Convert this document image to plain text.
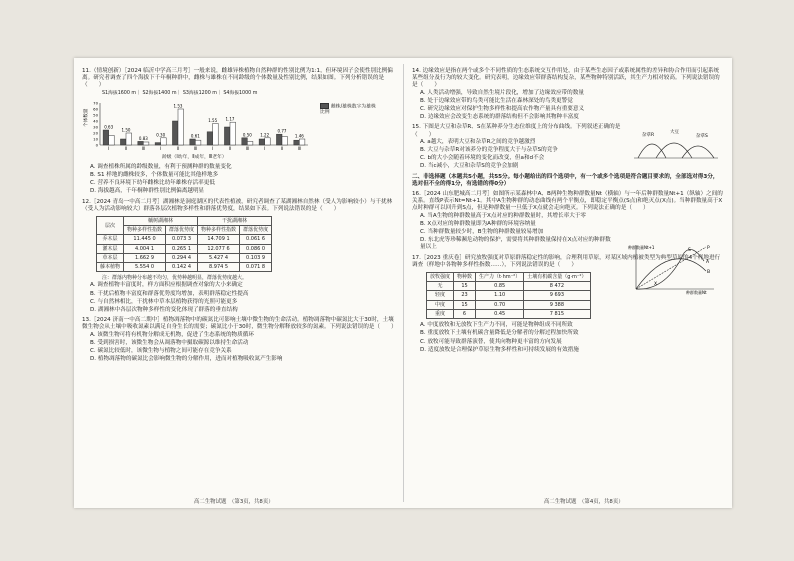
11.（情境创新）［2024 临沂中学高三月考］一般来说，雌雄异株植物自然种群的性别比例为1:1，但环境因子会使性别比例偏离。研究者调查了四个海拔下千年桐种群中，雌株与雄株在不同龄级的个体数量及性别比例，结果如图。下列分析错误的是（　　）
S1海拔1600 m｜ S2海拔1400 m｜ S3海拔1200 m｜ S4海拔1000 m
个体数量
0
10
20
30
40
50
60
70
0.63
Ⅰ
1.50
Ⅱ
0.83
Ⅲ
0.30
Ⅰ
1.53
Ⅱ
0.61
Ⅲ
1.55
Ⅰ
1.17
Ⅱ
0.50
Ⅲ
1.22
Ⅰ
0.77
Ⅱ
1.46
Ⅲ
雌株/雄株数字为雄株比例
龄级（Ⅰ幼年，Ⅱ成年，Ⅲ老年）
A. 调查植株所属的龄级数量，有利于预测种群的数量变化
B. S1 样地的雌株较多，个体数量可能比其他样地多
C. 营养不良环境下幼年雌株比幼年雄株存活率更低
D. 海拔越高，千年桐种群性别比例偏离越明显
12.［2024 青岛一中高二月考］湖湘林是洞庭湖区的代表性植被，研究者调查了某湖湘林自然林（受人为影响较小）与干扰林（受人为活动影响较大）群落各层次植物多样性和群落优势度，结果如下表。下列说法错误的是（　　）
层次	槭树湖湘林		干扰湖湘林	
	物种多样性指数	群落优势度	物种多样性指数	群落优势度
乔木层	11.445 0	0.073 3	14.709 1	0.061 6
灌木层	4.004 1	0.265 1	12.077 6	0.086 0
草本层	1.662 9	0.294 4	5.427 4	0.103 9
藤本植物	5.554 0	0.142 4	8.974 5	0.071 8
注：群落内物种分布越不均匀，优势种越明显，群落优势度越大。
A. 调查植物丰富度时，样方面积应根据调查对象的大小来确定
B. 干扰后植物丰富度和群落优势度均增加，表明群落稳定性提高
C. 与自然林相比，干扰林中草本层植物获得的光照可能更多
D. 湖湘林中各层次物种多样性的变化体现了群落的垂直结构
13.［2024 济南一中高二期中］植物凋落物中的碳氮比可影响土壤中微生物的生命活动。植物凋落物中碳氮比大于30时，土壤微生物会从土壤中吸收氮素以满足自身生长的需要；碳氮比小于30时，微生物分解释放较多的氮素。下列说法错误的是（　　）
A. 该微生物可将有机物分解成无机物，促进了生态系统的物质循环
B. 受到损害时，该微生物会从凋落物中摄取碳源以维持生命活动
C. 碳氮比较低时，该微生物与植物之间可能存在竞争关系
D. 植物凋落物的碳氮比会影响微生物的分解作用，进而对植物吸收氮产生影响
高二生物试题　（第3页，共8页）
14. 边缘效应是指在两个或多个不同性质的生态系统交互作用处，由于某些生态因子或系统属性的差异和协合作用而引起系统某些组分及行为的较大变化。研究表明，边缘效应带群落结构复杂，某些物种特别活跃，其生产力相对较高。下列说法错误的是（　　）
A. 人类活动增强，导致自然生境片段化，增加了边缘效应带的数量
B. 处于边缘效应带的鸟类可能比生活在森林深处的鸟类更警觉
C. 研究边缘效应对保护生物多样性和提高农作物产量具有重要意义
D. 边缘效应会改变生态系统的群落结构但不会影响其物种丰富度
15. 下图是大豆和杂草R、S在某种养分生态位维度上的分布曲线。下列叙述正确的是（　　）
A. a越大，表明大豆和杂草R之间的竞争越激烈
B. 大豆与杂草R对该养分的竞争程度大于与杂草S的竞争
C. b的大小会随着环境的变化而改变，但a和d不会
D. 当c减小，大豆和杂草S的竞争会加剧
杂草R
大豆
杂草S
二、非选择题（本题共5小题，共55分。每小题给出的四个选项中，有一个或多个选项是符合题目要求的，全部选对得3分，选对但不全的得1分，有选错的得0分）
16.［2024 山东肥城高二月考］如图所示某森林中A、B两种生物种群数量Nt（横轴）与一年后种群数量Nt+1（纵轴）之间的关系。直线P表示Nt=Nt+1。其中A生物种群的动态曲线有两个平衡点，即稳定平衡点(S点)和绝灭点(X点)。当种群数量高于X点时种群可以回升到S点，但是种群数量一旦低于X点就会走向绝灭。下列说法正确的是（　　）
A. 当A生物的种群数量高于X点对应的种群数量时，其增长率大于零
B. X点对应的种群数量即为A种群的环境容纳量
C. 当种群数量较少时，B生物的种群数量较易增加
D. 东北虎等珍稀濒危动物的保护，需要将其种群数量保持在X点对应的种群数量以上	种群数量Nt+1
种群数量Nt
A
B
P
S
X
17.［2023 重庆卷］研究放牧强度对草原群落稳定性的影响，合理利用草原，对某区域内植被类型为典型草原的4个样地进行调查（样地中各物种多样性指数……），下列说法错误的是（　　）
放牧强度	物种数	生产力（t·hm⁻²）	土壤有机碳含量（g·m⁻²）
无	15	0.85	8 472
轻度	23	1.10	9 693
中度	15	0.70	9 388
重度	6	0.45	7 815
A. 中度放牧和无放牧下生产力不同，可能是物种组成不同所致
B. 重度放牧下土壤有机碳含量降低是分解者的分解过程加快所致
C. 放牧可能导致群落演替，使其向物种更丰富的方向发展
D. 适度放牧是合理保护草原生物多样性和可持续发展的有效措施
高二生物试题　（第4页，共8页）
